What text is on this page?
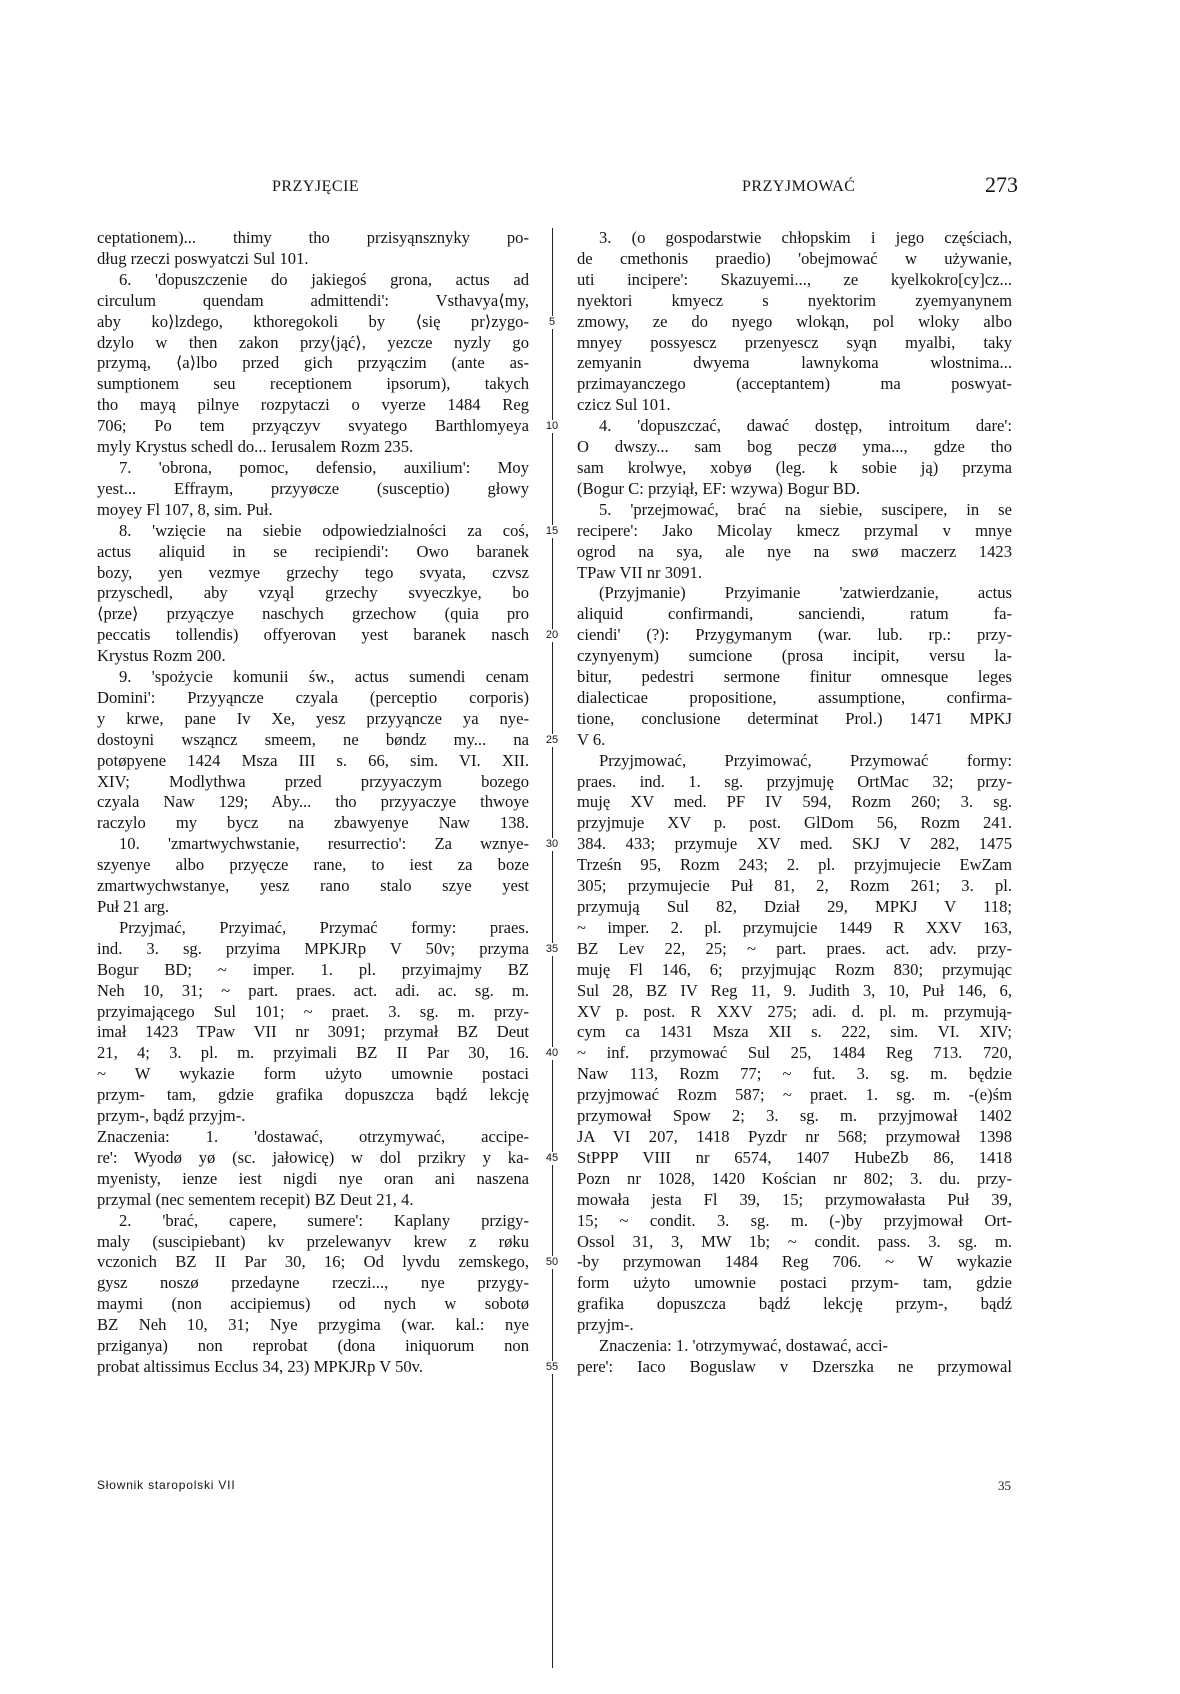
PRZYJĘCIE	PRZYJMOWAĆ	273
ceptationem)... thimy tho przisyąnsznyky po-
dług rzeczi poswyatczi Sul 101.
6. 'dopuszczenie do jakiegoś grona, actus ad
circulum quendam admittendi': Vsthavya⟨my,
aby ko⟩lzdego, kthoregokoli by ⟨się pr⟩zygo-
dzylo w then zakon przy⟨jąć⟩, yezcze nyzly go
przymą, ⟨a⟩lbo przed gich przyączim (ante as-
sumptionem seu receptionem ipsorum), takych
tho mayą pilnye rozpytaczi o vyerze 1484 Reg
706; Po tem przyączyv svyatego Barthlomyeya
myly Krystus schedl do... Ierusalem Rozm 235.
7. 'obrona, pomoc, defensio, auxilium': Moy
yest... Effraym, przyyøcze (susceptio) głowy
moyey Fl 107, 8, sim. Puł.
8. 'wzięcie na siebie odpowiedzialności za coś,
actus aliquid in se recipiendi': Owo baranek
bozy, yen vezmye grzechy tego svyata, czvsz
przyschedl, aby vzyąl grzechy svyeczkye, bo
⟨prze⟩ przyączye naschych grzechow (quia pro
peccatis tollendis) offyerovan yest baranek nasch
Krystus Rozm 200.
9. 'spożycie komunii św., actus sumendi cenam
Domini': Przyyąncze czyala (perceptio corporis)
y krwe, pane Iv Xe, yesz przyyąncze ya nye-
dostoyni wsząncz smeem, ne bøndz my... na
potøpyene 1424 Msza III s. 66, sim. VI. XII.
XIV; Modlythwa przed przyyaczym bozego
czyala Naw 129; Aby... tho przyyaczye thwoye
raczylo my bycz na zbawyenye Naw 138.
10. 'zmartwychwstanie, resurrectio': Za wznye-
szyenye albo przyęcze rane, to iest za boze
zmartwychwstanye, yesz rano stalo szye yest
Puł 21 arg.
Przyjmać, Przyimać, Przymać formy: praes.
ind. 3. sg. przyima MPKJRp V 50v; przyma
Bogur BD; ~ imper. 1. pl. przyimajmy BZ
Neh 10, 31; ~ part. praes. act. adi. ac. sg. m.
przyimającego Sul 101; ~ praet. 3. sg. m. przy-
imał 1423 TPaw VII nr 3091; przymał BZ Deut
21, 4; 3. pl. m. przyimali BZ II Par 30, 16.
~ W wykazie form użyto umownie postaci
przym- tam, gdzie grafika dopuszcza bądź lekcję
przym-, bądź przyjm-.
Znaczenia: 1. 'dostawać, otrzymywać, accipe-
re': Wyodø yø (sc. jałowicę) w dol przikry y ka-
myenisty, ienze iest nigdi nye oran ani naszena
przymal (nec sementem recepit) BZ Deut 21, 4.
2. 'brać, capere, sumere': Kaplany przigy-
maly (suscipiebant) kv przelewanyv krew z røku
vczonich BZ II Par 30, 16; Od lyvdu zemskego,
gysz noszø przedayne rzeczi..., nye przygy-
maymi (non accipiemus) od nych w sobotø
BZ Neh 10, 31; Nye przygima (war. kal.: nye
prziganya) non reprobat (dona iniquorum non
probat altissimus Ecclus 34, 23) MPKJRp V 50v.
5
10
15
20
25
30
35
40
45
50
55
3. (o gospodarstwie chłopskim i jego częściach,
de cmethonis praedio) 'obejmować w używanie,
uti incipere': Skazuyemi..., ze kyelkokro[cy]cz...
nyektori kmyecz s nyektorim zyemyanynem
zmowy, ze do nyego wlokąn, pol wloky albo
mnyey possyescz przenyescz syąn myalbi, taky
zemyanin dwyema lawnykoma wlostnima...
przimayanczego (acceptantem) ma poswyat-
czicz Sul 101.
4. 'dopuszczać, dawać dostęp, introitum dare':
O dwszy... sam bog peczø yma..., gdze tho
sam krolwye, xobyø (leg. k sobie ją) przyma
(Bogur C: przyiął, EF: wzywa) Bogur BD.
5. 'przejmować, brać na siebie, suscipere, in se
recipere': Jako Micolay kmecz przymal v mnye
ogrod na sya, ale nye na swø maczerz 1423
TPaw VII nr 3091.
(Przyjmanie) Przyimanie 'zatwierdzanie, actus
aliquid confirmandi, sanciendi, ratum fa-
ciendi' (?): Przygymanym (war. lub. rp.: przy-
czynyenym) sumcione (prosa incipit, versu la-
bitur, pedestri sermone finitur omnesque leges
dialecticae propositione, assumptione, confirma-
tione, conclusione determinat Prol.) 1471 MPKJ
V 6.
Przyjmować, Przyimować, Przymować formy:
praes. ind. 1. sg. przyjmuję OrtMac 32; przy-
muję XV med. PF IV 594, Rozm 260; 3. sg.
przyjmuje XV p. post. GlDom 56, Rozm 241.
384. 433; przymuje XV med. SKJ V 282, 1475
Trześn 95, Rozm 243; 2. pl. przyjmujecie EwZam
305; przymujecie Puł 81, 2, Rozm 261; 3. pl.
przymują Sul 82, Dział 29, MPKJ V 118;
~ imper. 2. pl. przymujcie 1449 R XXV 163,
BZ Lev 22, 25; ~ part. praes. act. adv. przy-
muję Fl 146, 6; przyjmując Rozm 830; przymując
Sul 28, BZ IV Reg 11, 9. Judith 3, 10, Puł 146, 6,
XV p. post. R XXV 275; adi. d. pl. m. przymują-
cym ca 1431 Msza XII s. 222, sim. VI. XIV;
~ inf. przymować Sul 25, 1484 Reg 713. 720,
Naw 113, Rozm 77; ~ fut. 3. sg. m. będzie
przyjmować Rozm 587; ~ praet. 1. sg. m. -(e)śm
przymował Spow 2; 3. sg. m. przyjmował 1402
JA VI 207, 1418 Pyzdr nr 568; przymował 1398
StPPP VIII nr 6574, 1407 HubeZb 86, 1418
Pozn nr 1028, 1420 Kościan nr 802; 3. du. przy-
mowała jesta Fl 39, 15; przymowałasta Puł 39,
15; ~ condit. 3. sg. m. (-)by przyjmował Ort-
Ossol 31, 3, MW 1b; ~ condit. pass. 3. sg. m.
-by przymowan 1484 Reg 706. ~ W wykazie
form użyto umownie postaci przym- tam, gdzie
grafika dopuszcza bądź lekcję przym-, bądź
przyjm-.
Znaczenia: 1. 'otrzymywać, dostawać, acci-
pere': Iaco Boguslaw v Dzerszka ne przymowal
Słownik staropolski VII	35
